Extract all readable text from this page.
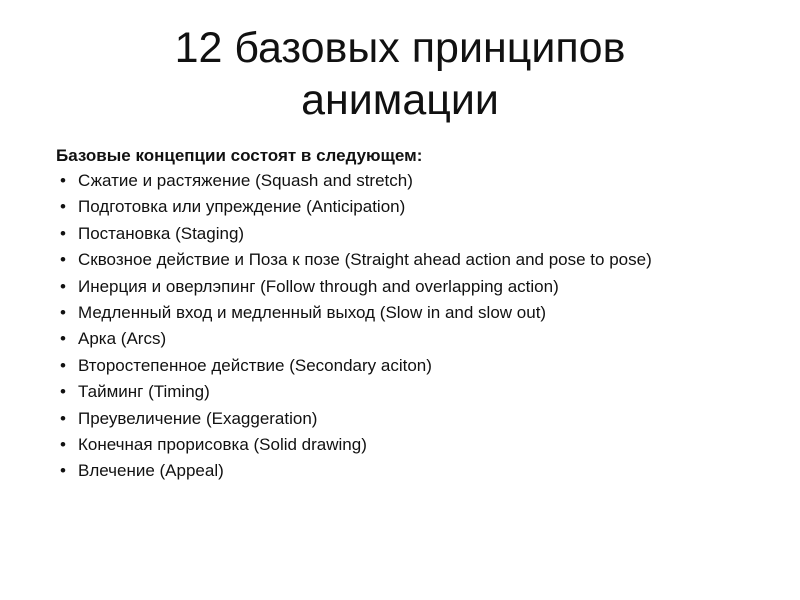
12 базовых принципов
анимации
Базовые концепции состоят в следующем:
• Сжатие и растяжение (Squash and stretch)
• Подготовка или упреждение (Anticipation)
• Постановка (Staging)
• Сквозное действие и Поза к позе (Straight ahead action and pose to pose)
• Инерция и оверлэпинг (Follow through and overlapping action)
• Медленный вход и медленный выход (Slow in and slow out)
• Арка (Arcs)
• Второстепенное действие (Secondary aciton)
• Тайминг (Timing)
• Преувеличение (Exaggeration)
• Конечная прорисовка (Solid drawing)
• Влечение (Appeal)
